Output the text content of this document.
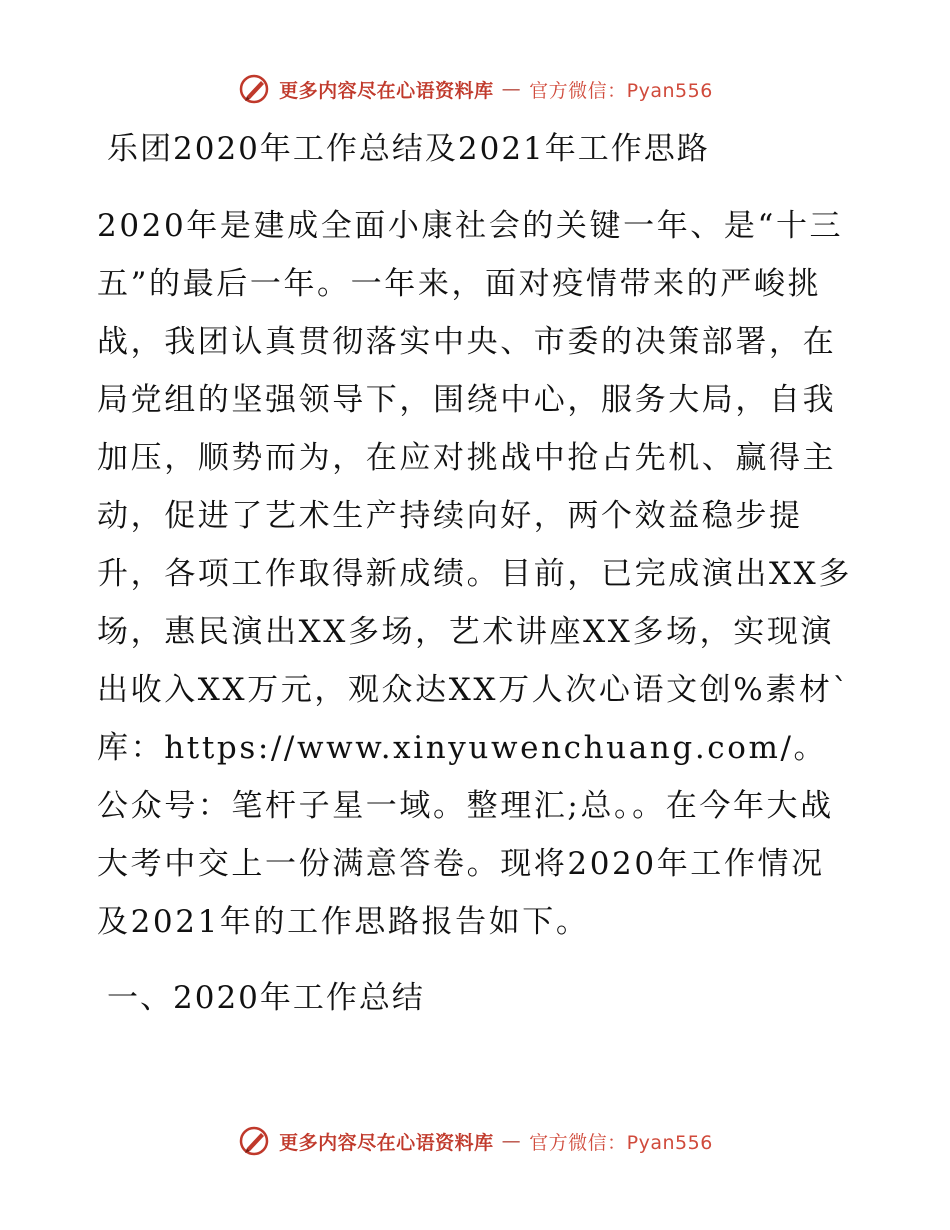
更多内容尽在心语资料库 — 官方微信：Pyan556
乐团2020年工作总结及2021年工作思路

2020年是建成全面小康社会的关键一年、是“十三五”的最后一年。一年来，面对疫情带来的严峻挑战，我团认真贯彻落实中央、市委的决策部署，在局党组的坚强领导下，围绕中心，服务大局，自我加压，顺势而为，在应对挑战中抢占先机、赢得主动，促进了艺术生产持续向好，两个效益稳步提升，各项工作取得新成绩。目前，已完成演出XX多场，惠民演出XX多场，艺术讲座XX多场，实现演出收入XX万元，观众达XX万人次心语文创%素材`库：https://www.xinyuwenchuang.com/。公众号：笔杆子星一域。整理汇;总。。在今年大战大考中交上一份满意答卷。现将2020年工作情况及2021年的工作思路报告如下。

一、2020年工作总结
更多内容尽在心语资料库 — 官方微信：Pyan556
